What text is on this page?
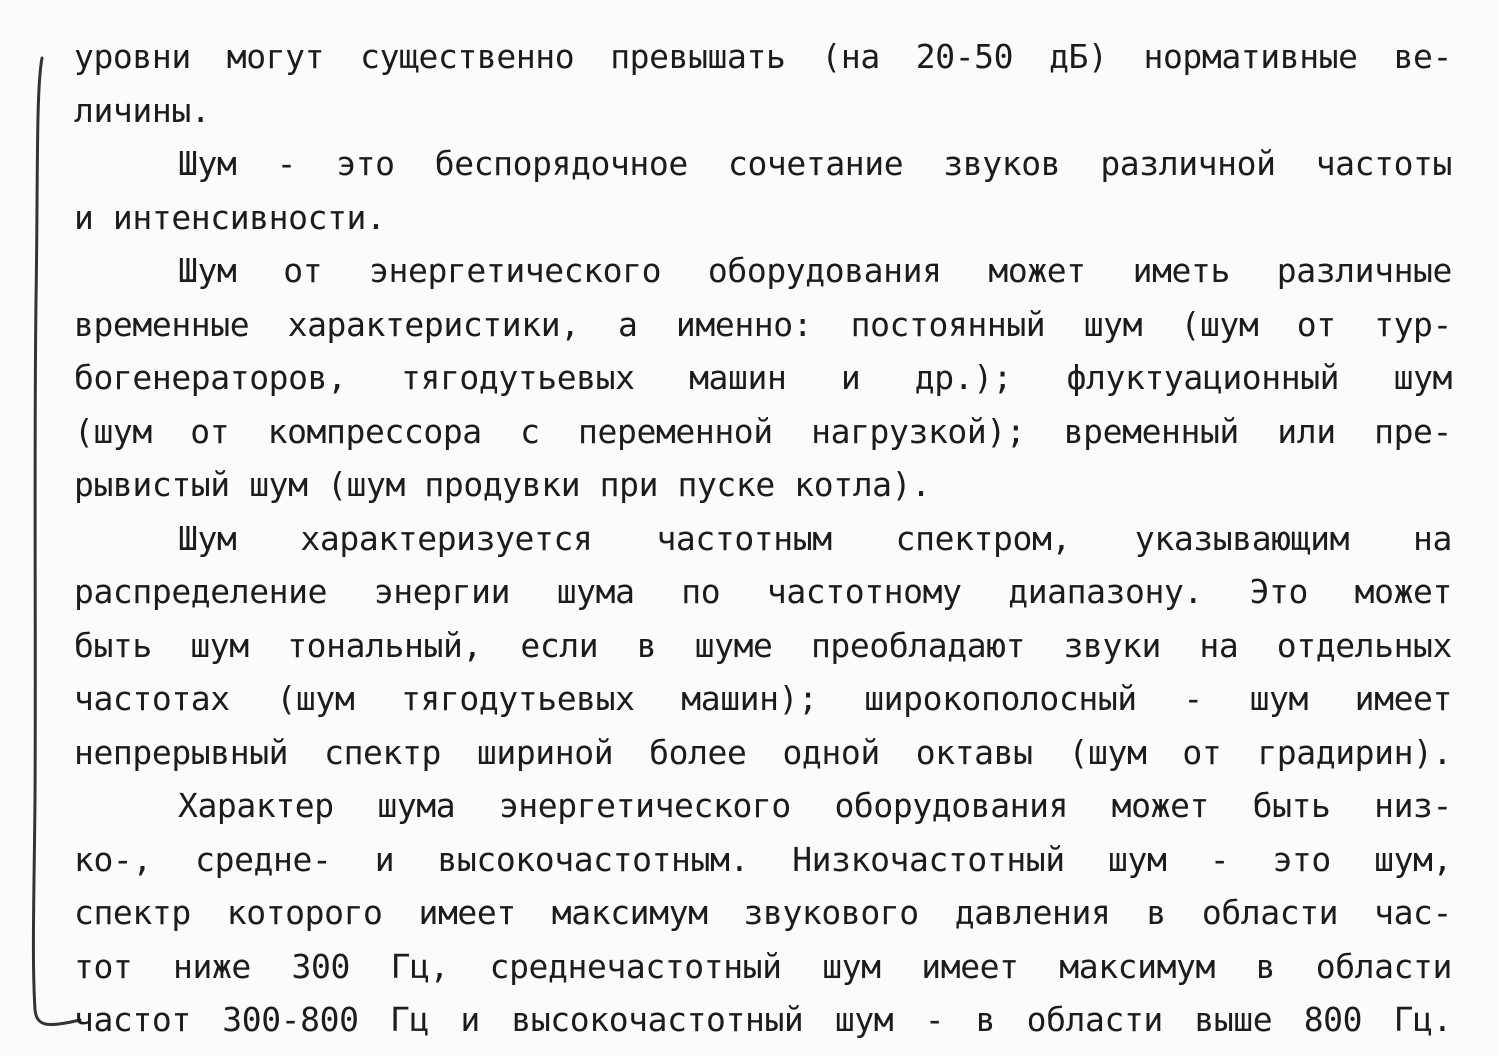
уровни могут существенно превышать (на 20-50 дБ) нормативные ве-
личины.
Шум - это беспорядочное сочетание звуков различной частоты
и интенсивности.
Шум от энергетического оборудования может иметь различные
временные характеристики, а именно: постоянный шум (шум от тур-
богенераторов, тягодутьевых машин и др.); флуктуационный шум
(шум от компрессора с переменной нагрузкой); временный или пре-
рывистый шум (шум продувки при пуске котла).
Шум характеризуется частотным спектром, указывающим на
распределение энергии шума по частотному диапазону. Это может
быть шум тональный, если в шуме преобладают звуки на отдельных
частотах (шум тягодутьевых машин); широкополосный - шум имеет
непрерывный спектр шириной более одной октавы (шум от градирин).
Характер шума энергетического оборудования может быть низ-
ко-, средне- и высокочастотным. Низкочастотный шум - это шум,
спектр которого имеет максимум звукового давления в области час-
тот ниже 300 Гц, среднечастотный шум имеет максимум в области
частот 300-800 Гц и высокочастотный шум - в области выше 800 Гц.
